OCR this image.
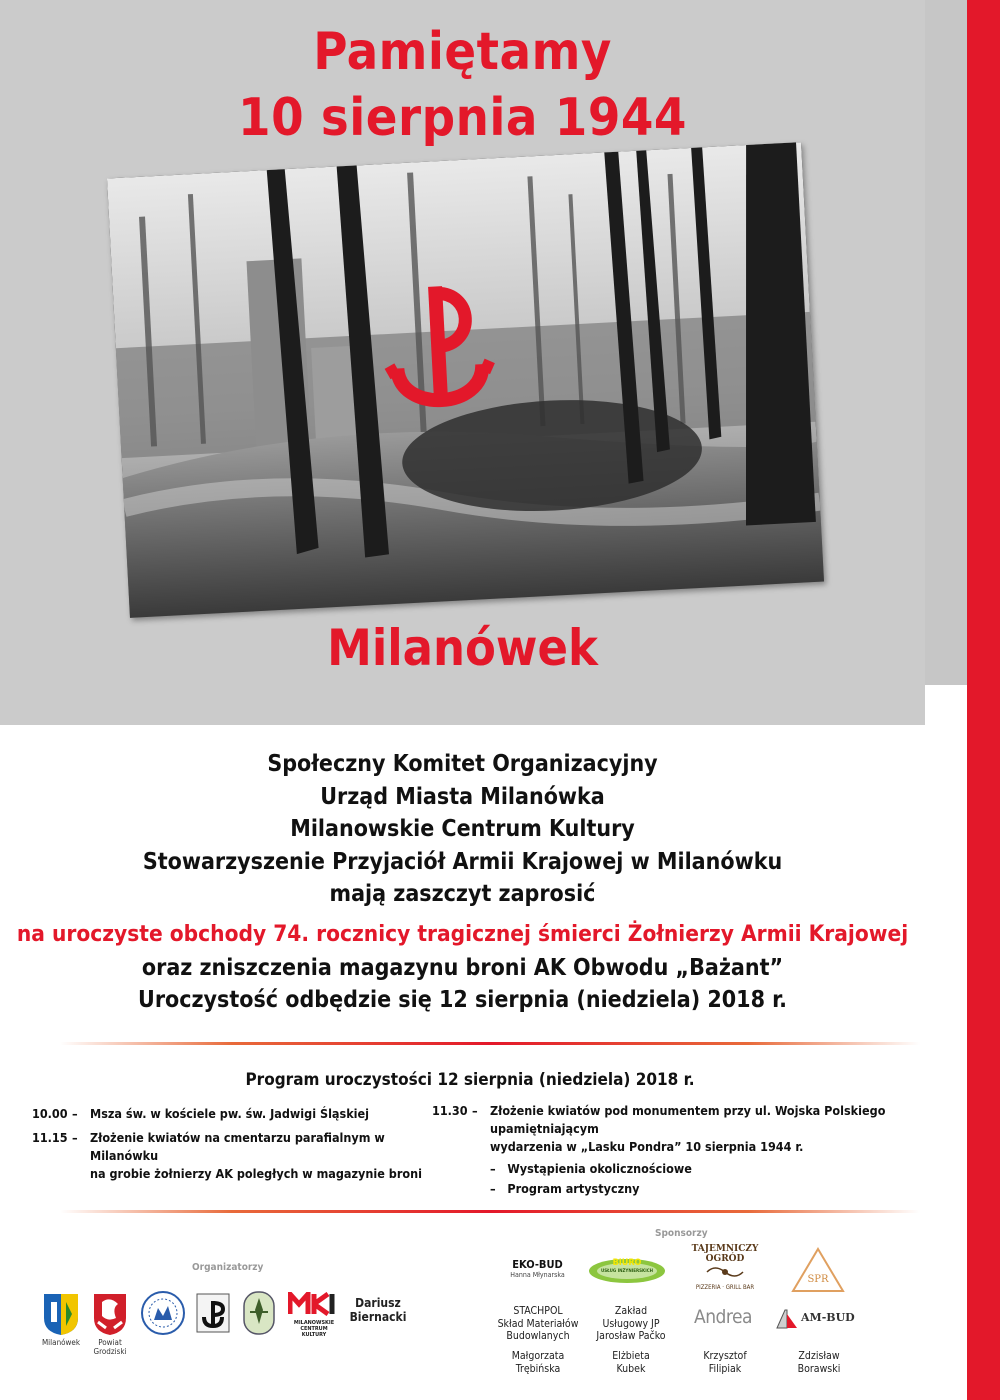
Pamiętamy
10 sierpnia 1944
Milanówek
Społeczny Komitet Organizacyjny
Urząd Miasta Milanówka
Milanowskie Centrum Kultury
Stowarzyszenie Przyjaciół Armii Krajowej w Milanówku
mają zaszczyt zaprosić
na uroczyste obchody 74. rocznicy tragicznej śmierci Żołnierzy Armii Krajowej
oraz zniszczenia magazynu broni AK Obwodu „Bażant”
Uroczystość odbędzie się 12 sierpnia (niedziela) 2018 r.
Program uroczystości 12 sierpnia (niedziela) 2018 r.
10.00 – Msza św. w kościele pw. św. Jadwigi Śląskiej
11.15 – Złożenie kwiatów na cmentarzu parafialnym w Milanówku
na grobie żołnierzy AK poległych w magazynie broni
11.30 – Złożenie kwiatów pod monumentem przy ul. Wojska Polskiego upamiętniającym
wydarzenia w „Lasku Pondra” 10 sierpnia 1944 r.
– Wystąpienia okolicznościowe
– Program artystyczny
Organizatorzy
Milanówek	Powiat
Grodziski
MILANOWSKIE
CENTRUM
KULTURY
Dariusz
Biernacki
Sponsorzy
EKO-BUD
Hanna Młynarska
BIURO
USŁUG INŻYNIERSKICH
TAJEMNICZY OGRÓD
PIZZERIA · GRILL BAR
SPR
STACHPOL
Skład Materiałów
Budowlanych
Zakład
Usługowy JP
Jarosław Pačko
Andrea	AM-BUD
Małgorzata
Trębińska
Elżbieta
Kubek
Krzysztof
Filipiak
Zdzisław
Borawski
